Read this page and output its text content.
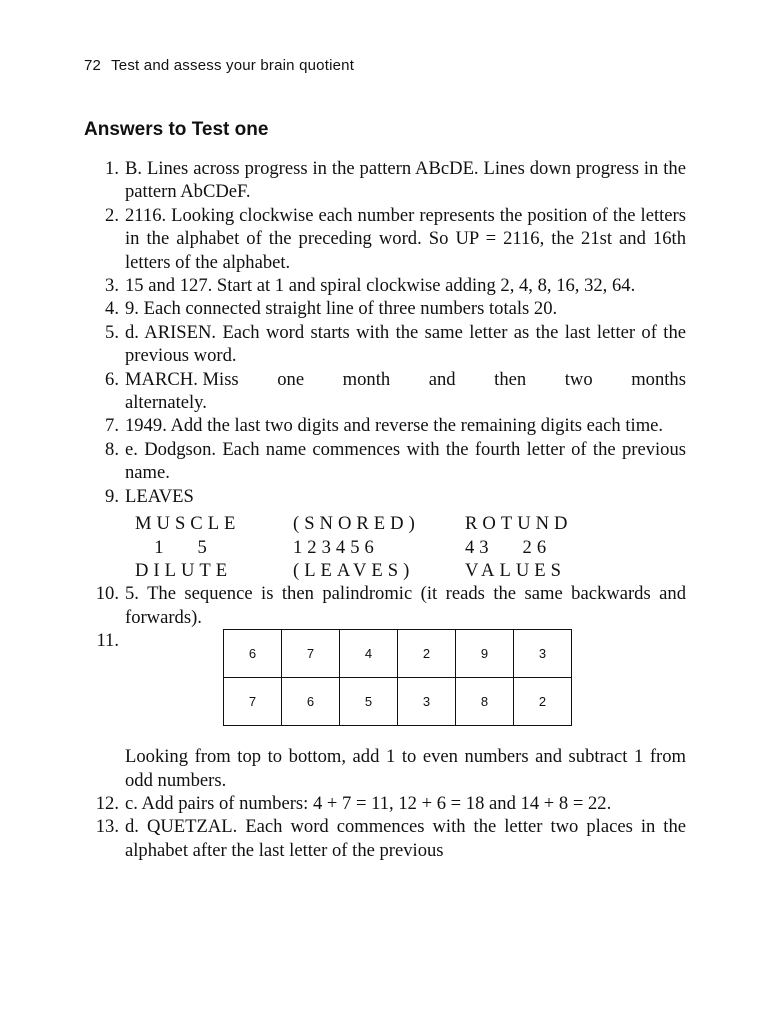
72 Test and assess your brain quotient
Answers to Test one
1. B. Lines across progress in the pattern ABcDE. Lines down progress in the pattern AbCDeF.
2. 2116. Looking clockwise each number represents the position of the letters in the alphabet of the preceding word. So UP = 2116, the 21st and 16th letters of the alphabet.
3. 15 and 127. Start at 1 and spiral clockwise adding 2, 4, 8, 16, 32, 64.
4. 9. Each connected straight line of three numbers totals 20.
5. d. ARISEN. Each word starts with the same letter as the last letter of the previous word.
6. MARCH. Miss one month and then two months
alternately.
7. 1949. Add the last two digits and reverse the remaining digits each time.
8. e. Dodgson. Each name commences with the fourth letter of the previous name.
9. LEAVES
MUSCLE	(SNORED)	ROTUND
1   5	123456	43   26
DILUTE	(LEAVES)	VALUES
10. 5. The sequence is then palindromic (it reads the same backwards and forwards).
11.
6	7	4	2	9	3
7	6	5	3	8	2
Looking from top to bottom, add 1 to even numbers and subtract 1 from odd numbers.
12. c. Add pairs of numbers: 4 + 7 = 11, 12 + 6 = 18 and 14 + 8 = 22.
13. d. QUETZAL. Each word commences with the letter two places in the alphabet after the last letter of the previous
